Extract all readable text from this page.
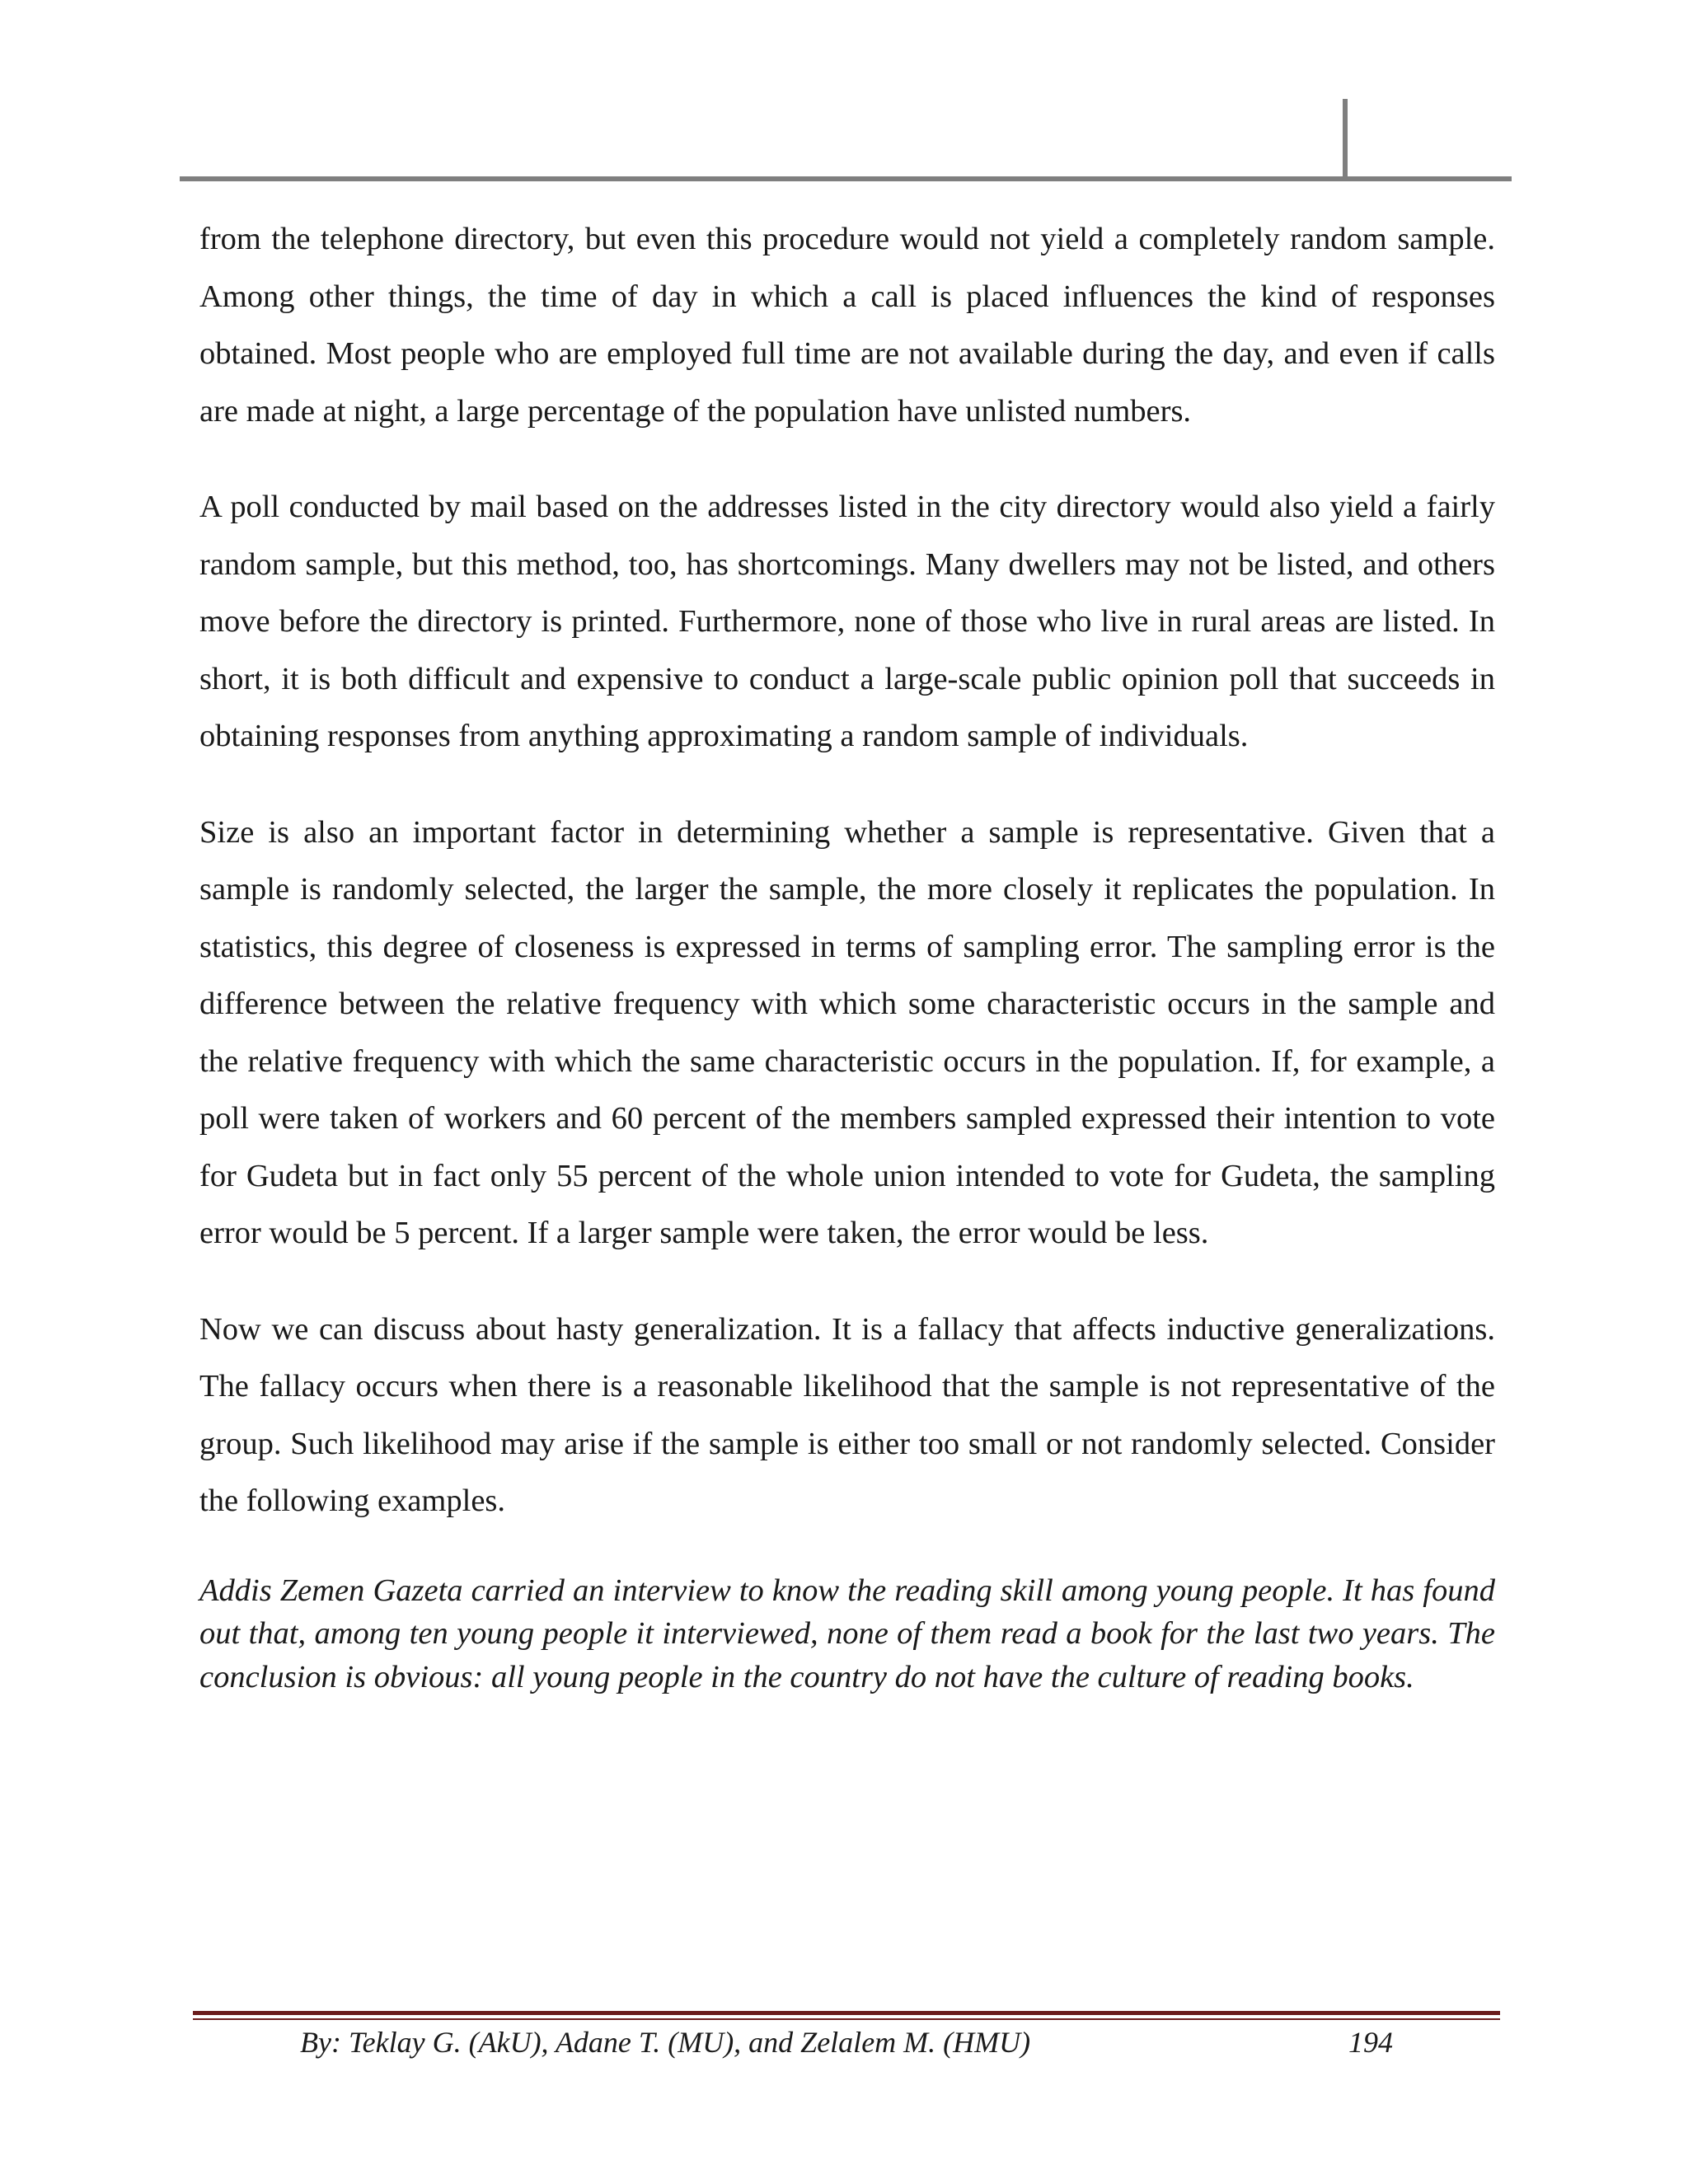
from the telephone directory, but even this procedure would not yield a completely random sample. Among other things, the time of day in which a call is placed influences the kind of responses obtained. Most people who are employed full time are not available during the day, and even if calls are made at night, a large percentage of the population have unlisted numbers.

A poll conducted by mail based on the addresses listed in the city directory would also yield a fairly random sample, but this method, too, has shortcomings. Many dwellers may not be listed, and others move before the directory is printed. Furthermore, none of those who live in rural areas are listed. In short, it is both difficult and expensive to conduct a large-scale public opinion poll that succeeds in obtaining responses from anything approximating a random sample of individuals.

Size is also an important factor in determining whether a sample is representative. Given that a sample is randomly selected, the larger the sample, the more closely it replicates the population. In statistics, this degree of closeness is expressed in terms of sampling error. The sampling error is the difference between the relative frequency with which some characteristic occurs in the sample and the relative frequency with which the same characteristic occurs in the population. If, for example, a poll were taken of workers and 60 percent of the members sampled expressed their intention to vote for Gudeta but in fact only 55 percent of the whole union intended to vote for Gudeta, the sampling error would be 5 percent. If a larger sample were taken, the error would be less.

Now we can discuss about hasty generalization. It is a fallacy that affects inductive generalizations. The fallacy occurs when there is a reasonable likelihood that the sample is not representative of the group. Such likelihood may arise if the sample is either too small or not randomly selected. Consider the following examples.

Addis Zemen Gazeta carried an interview to know the reading skill among young people. It has found out that, among ten young people it interviewed, none of them read a book for the last two years. The conclusion is obvious: all young people in the country do not have the culture of reading books.

By: Teklay G. (AkU), Adane T. (MU), and Zelalem M. (HMU)	194
